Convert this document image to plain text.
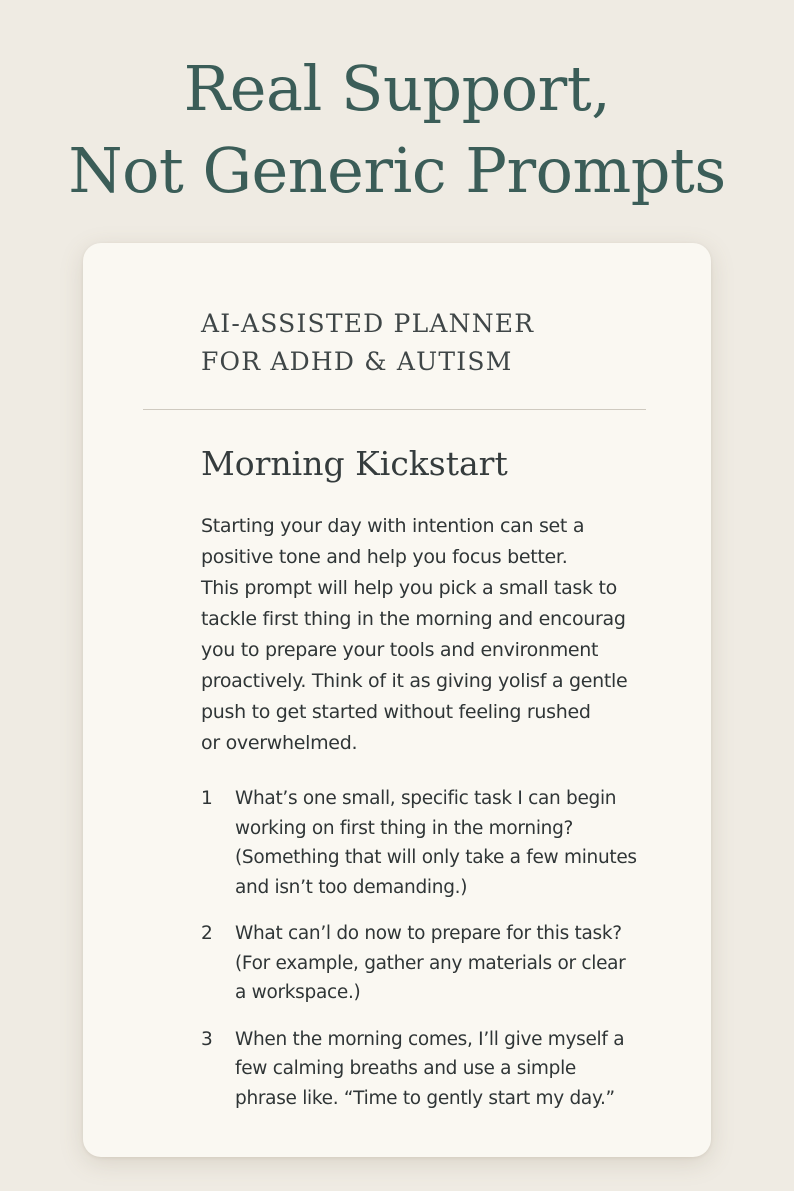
Real Support,
Not Generic Prompts
AI-ASSISTED PLANNER
FOR ADHD & AUTISM
Morning Kickstart
Starting your day with intention can set a
positive tone and help you focus better.
This prompt will help you pick a small task to
tackle first thing in the morning and encourag
you to prepare your tools and environment
proactively. Think of it as giving yolisf a gentle
push to get started without feeling rushed
or overwhelmed.
1 What’s one small, specific task I can begin
working on first thing in the morning?
(Something that will only take a few minutes
and isn’t too demanding.)
2 What can’l do now to prepare for this task?
(For example, gather any materials or clear
a workspace.)
3 When the morning comes, I’ll give myself a
few calming breaths and use a simple
phrase like. “Time to gently start my day.”
